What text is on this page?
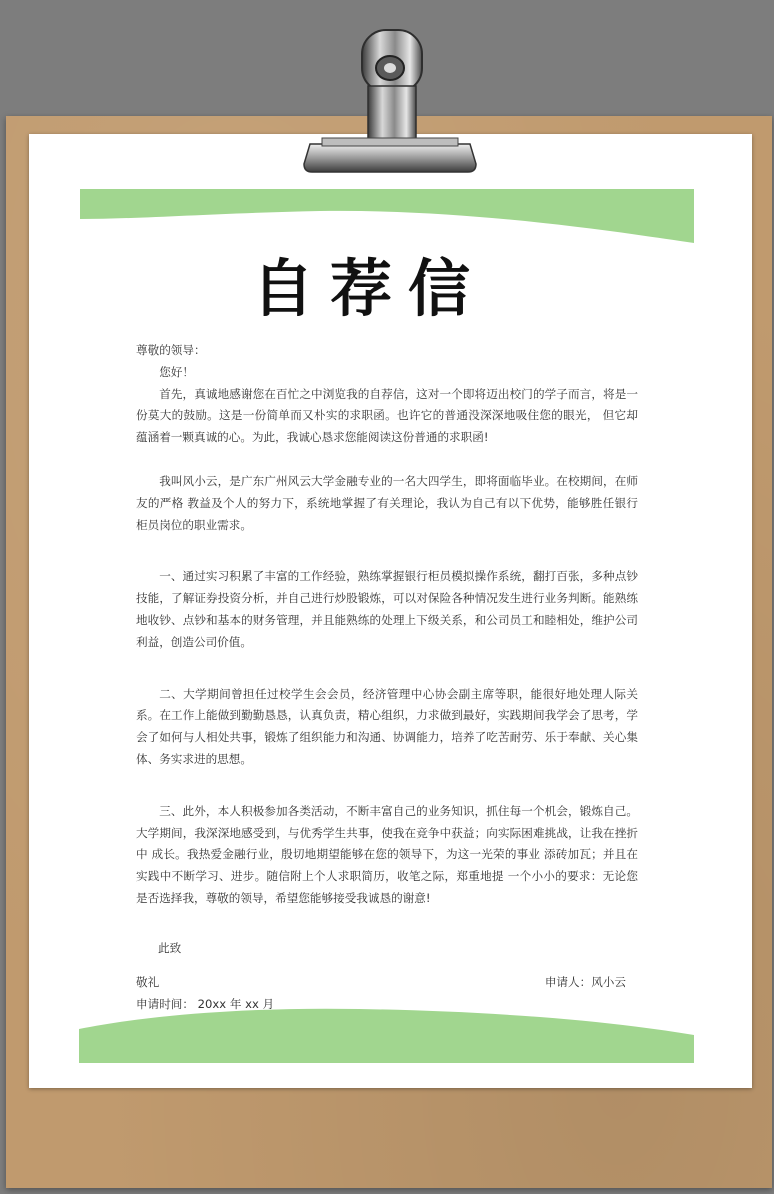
自荐信

尊敬的领导：

您好！

首先，真诚地感谢您在百忙之中浏览我的自荐信，这对一个即将迈出校门的学子而言，将是一份莫大的鼓励。这是一份简单而又朴实的求职函。也许它的普通没深深地吸住您的眼光， 但它却蕴涵着一颗真诚的心。为此，我诚心恳求您能阅读这份普通的求职函!

我叫风小云，是广东广州风云大学金融专业的一名大四学生，即将面临毕业。在校期间，在师友的严格 教益及个人的努力下，系统地掌握了有关理论，我认为自己有以下优势，能够胜任银行柜员岗位的职业需求。

一、通过实习积累了丰富的工作经验，熟练掌握银行柜员模拟操作系统，翻打百张，多种点钞技能，了解证券投资分析，并自己进行炒股锻炼，可以对保险各种情况发生进行业务判断。能熟练地收钞、点钞和基本的财务管理，并且能熟练的处理上下级关系，和公司员工和睦相处，维护公司利益，创造公司价值。

二、大学期间曾担任过校学生会会员，经济管理中心协会副主席等职，能很好地处理人际关系。在工作上能做到勤勤恳恳，认真负责，精心组织，力求做到最好，实践期间我学会了思考，学会了如何与人相处共事，锻炼了组织能力和沟通、协调能力，培养了吃苦耐劳、乐于奉献、关心集体、务实求进的思想。

三、此外，本人积极参加各类活动，不断丰富自己的业务知识，抓住每一个机会，锻炼自己。大学期间，我深深地感受到，与优秀学生共事，使我在竞争中获益；向实际困难挑战，让我在挫折中 成长。我热爱金融行业，殷切地期望能够在您的领导下，为这一光荣的事业 添砖加瓦；并且在实践中不断学习、进步。随信附上个人求职简历，收笔之际，郑重地提 一个小小的要求：无论您是否选择我，尊敬的领导，希望您能够接受我诚恳的谢意!

此致

敬礼	申请人：风小云

申请时间： 20xx 年 xx 月
